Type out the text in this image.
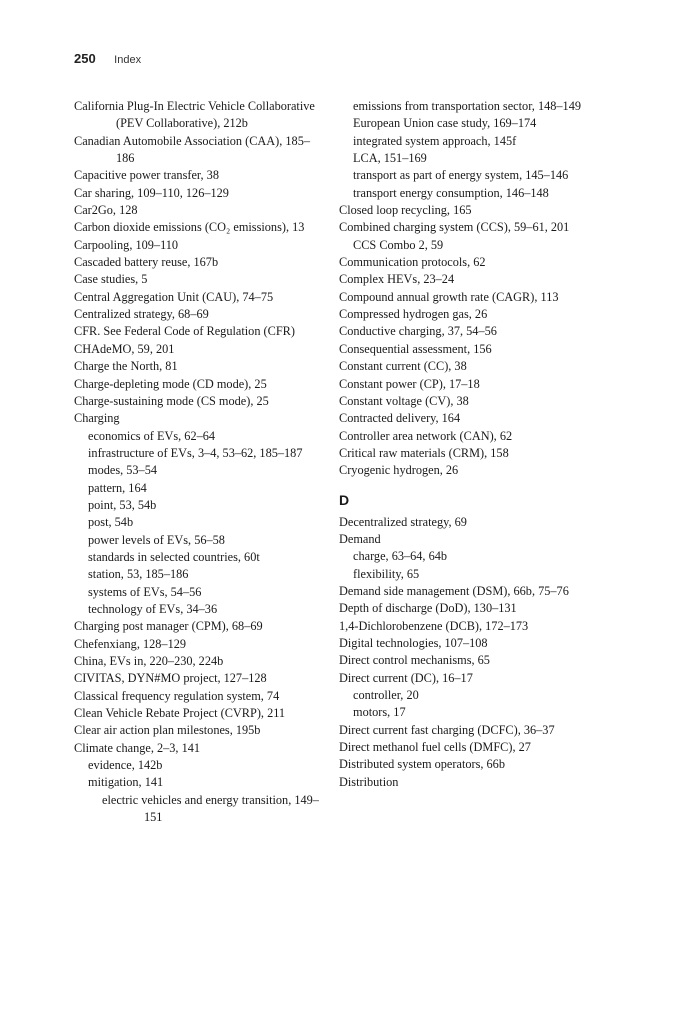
250 Index

California Plug-In Electric Vehicle Collaborative (PEV Collaborative), 212b

Canadian Automobile Association (CAA), 185–186

Capacitive power transfer, 38

Car sharing, 109–110, 126–129

Car2Go, 128

Carbon dioxide emissions (CO₂ emissions), 13

Carpooling, 109–110

Cascaded battery reuse, 167b

Case studies, 5

Central Aggregation Unit (CAU), 74–75

Centralized strategy, 68–69

CFR. See Federal Code of Regulation (CFR)

CHAdeMO, 59, 201

Charge the North, 81

Charge-depleting mode (CD mode), 25

Charge-sustaining mode (CS mode), 25

Charging

economics of EVs, 62–64

infrastructure of EVs, 3–4, 53–62, 185–187

modes, 53–54

pattern, 164

point, 53, 54b

post, 54b

power levels of EVs, 56–58

standards in selected countries, 60t

station, 53, 185–186

systems of EVs, 54–56

technology of EVs, 34–36

Charging post manager (CPM), 68–69

Chefenxiang, 128–129

China, EVs in, 220–230, 224b

CIVITAS, DYN#MO project, 127–128

Classical frequency regulation system, 74

Clean Vehicle Rebate Project (CVRP), 211

Clear air action plan milestones, 195b

Climate change, 2–3, 141

evidence, 142b

mitigation, 141

electric vehicles and energy transition, 149–151

emissions from transportation sector, 148–149

European Union case study, 169–174

integrated system approach, 145f

LCA, 151–169

transport as part of energy system, 145–146

transport energy consumption, 146–148

Closed loop recycling, 165

Combined charging system (CCS), 59–61, 201

CCS Combo 2, 59

Communication protocols, 62

Complex HEVs, 23–24

Compound annual growth rate (CAGR), 113

Compressed hydrogen gas, 26

Conductive charging, 37, 54–56

Consequential assessment, 156

Constant current (CC), 38

Constant power (CP), 17–18

Constant voltage (CV), 38

Contracted delivery, 164

Controller area network (CAN), 62

Critical raw materials (CRM), 158

Cryogenic hydrogen, 26

D

Decentralized strategy, 69

Demand

charge, 63–64, 64b

flexibility, 65

Demand side management (DSM), 66b, 75–76

Depth of discharge (DoD), 130–131

1,4-Dichlorobenzene (DCB), 172–173

Digital technologies, 107–108

Direct control mechanisms, 65

Direct current (DC), 16–17

controller, 20

motors, 17

Direct current fast charging (DCFC), 36–37

Direct methanol fuel cells (DMFC), 27

Distributed system operators, 66b

Distribution
